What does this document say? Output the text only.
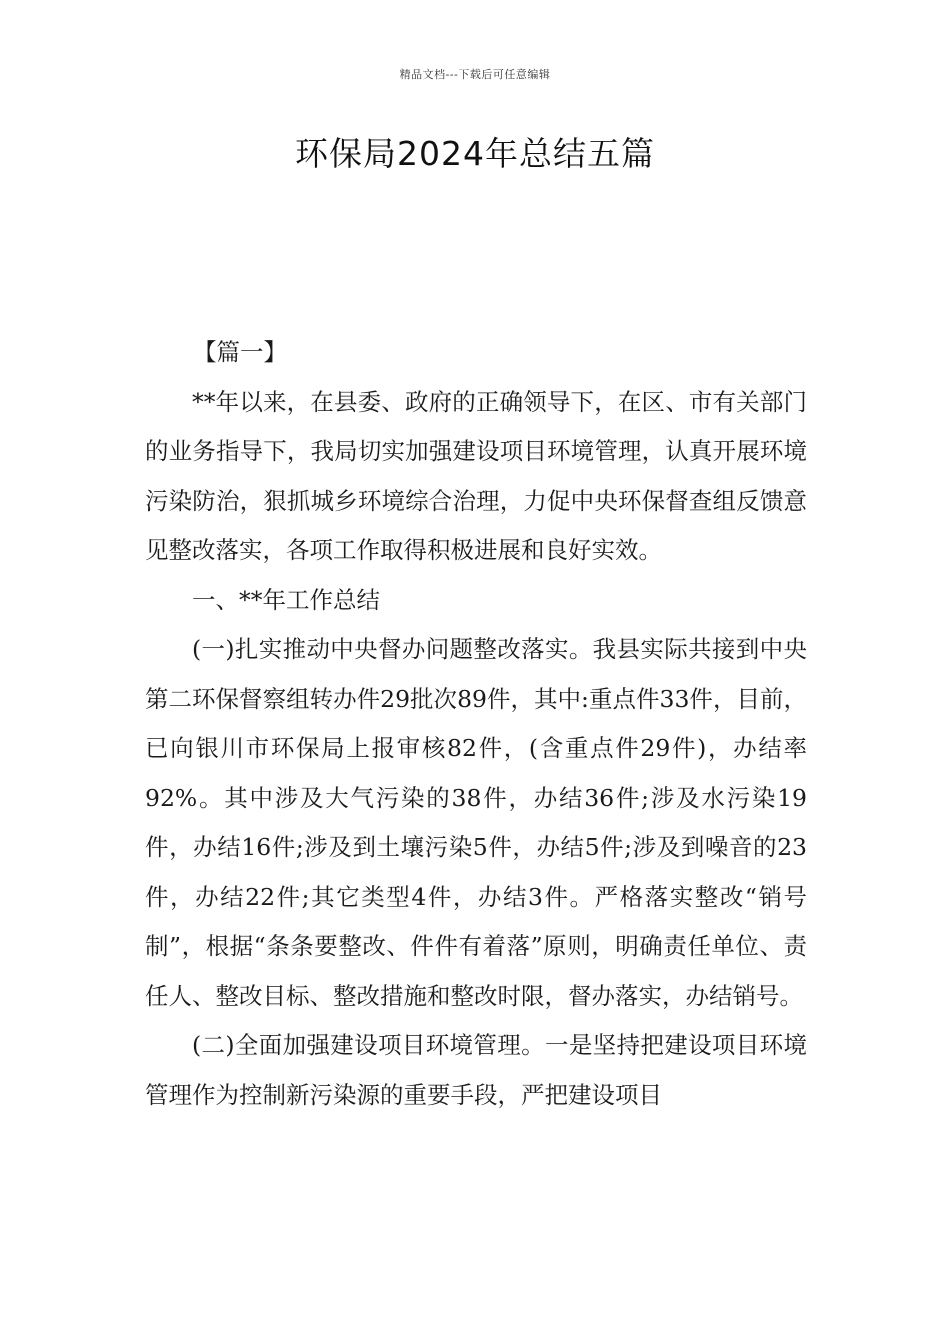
精品文档---下载后可任意编辑
环保局2024年总结五篇

【篇一】

**年以来，在县委、政府的正确领导下，在区、市有关部门的业务指导下，我局切实加强建设项目环境管理，认真开展环境污染防治，狠抓城乡环境综合治理，力促中央环保督查组反馈意见整改落实，各项工作取得积极进展和良好实效。

一、**年工作总结

(一)扎实推动中央督办问题整改落实。我县实际共接到中央第二环保督察组转办件29批次89件，其中:重点件33件，目前，已向银川市环保局上报审核82件，(含重点件29件)，办结率92%。其中涉及大气污染的38件，办结36件;涉及水污染19件，办结16件;涉及到土壤污染5件，办结5件;涉及到噪音的23件，办结22件;其它类型4件，办结3件。严格落实整改“销号制”，根据“条条要整改、件件有着落”原则，明确责任单位、责任人、整改目标、整改措施和整改时限，督办落实，办结销号。

(二)全面加强建设项目环境管理。一是坚持把建设项目环境管理作为控制新污染源的重要手段，严把建设项目
